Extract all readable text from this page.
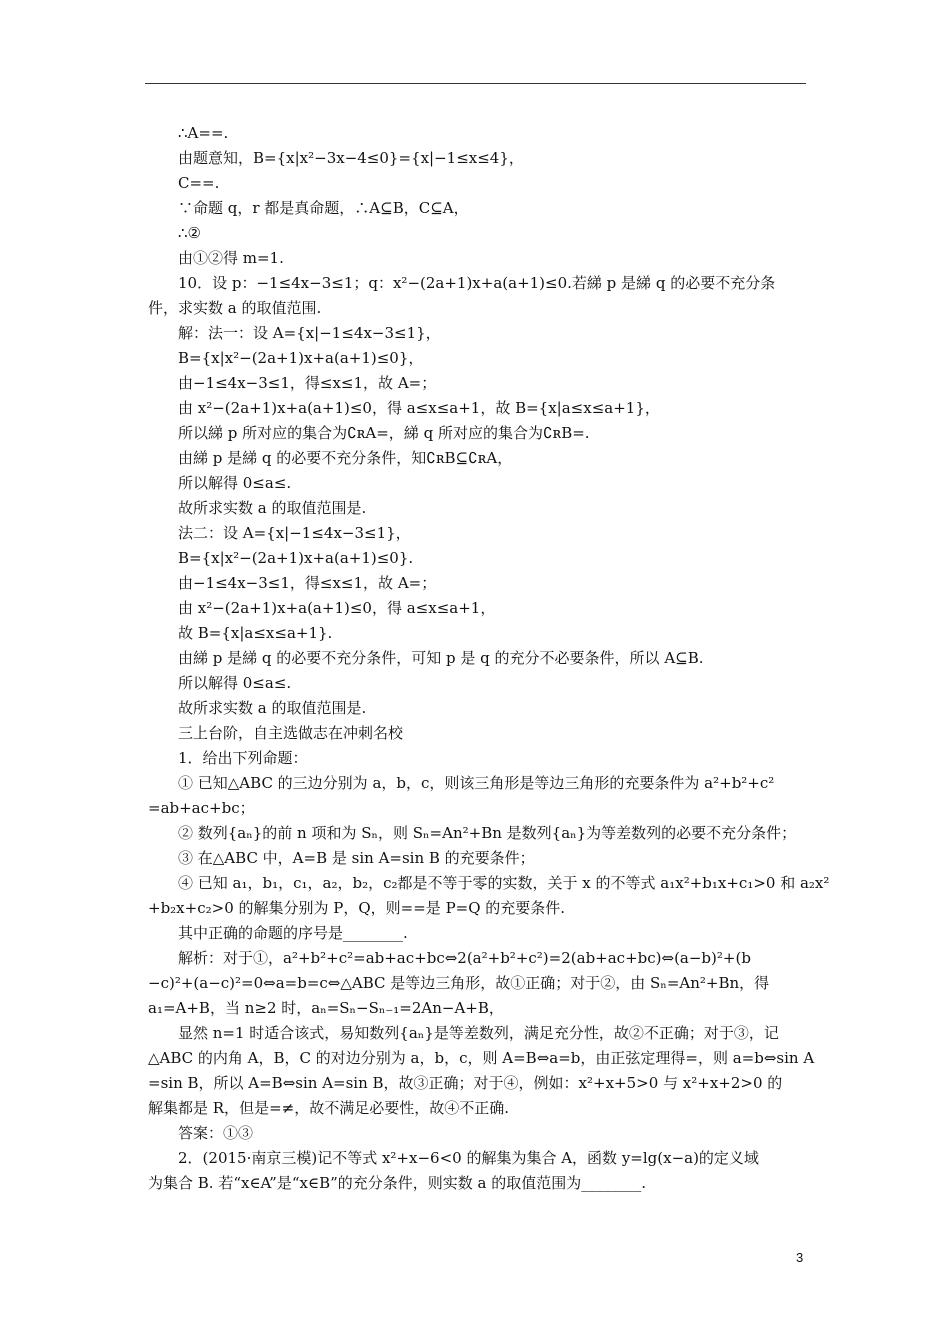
∴A==.
由题意知，B={x|x²−3x−4≤0}={x|−1≤x≤4}，
C==.
∵命题 q，r 都是真命题，∴A⊆B，C⊆A，
∴②
由①②得 m=1.
10．设 p：−1≤4x−3≤1；q：x²−(2a+1)x+a(a+1)≤0.若綈 p 是綈 q 的必要不充分条
件，求实数 a 的取值范围.
解：法一：设 A={x|−1≤4x−3≤1}，
B={x|x²−(2a+1)x+a(a+1)≤0}，
由−1≤4x−3≤1，得≤x≤1，故 A=；
由 x²−(2a+1)x+a(a+1)≤0，得 a≤x≤a+1，故 B={x|a≤x≤a+1}，
所以綈 p 所对应的集合为∁ʀA=，綈 q 所对应的集合为∁ʀB=.
由綈 p 是綈 q 的必要不充分条件，知∁ʀB⊆∁ʀA，
所以解得 0≤a≤.
故所求实数 a 的取值范围是.
法二：设 A={x|−1≤4x−3≤1}，
B={x|x²−(2a+1)x+a(a+1)≤0}.
由−1≤4x−3≤1，得≤x≤1，故 A=；
由 x²−(2a+1)x+a(a+1)≤0，得 a≤x≤a+1，
故 B={x|a≤x≤a+1}.
由綈 p 是綈 q 的必要不充分条件，可知 p 是 q 的充分不必要条件，所以 A⊆B.
所以解得 0≤a≤.
故所求实数 a 的取值范围是.
三上台阶，自主选做志在冲刺名校
1．给出下列命题：
① 已知△ABC 的三边分别为 a，b，c，则该三角形是等边三角形的充要条件为 a²+b²+c²
=ab+ac+bc；
② 数列{aₙ}的前 n 项和为 Sₙ，则 Sₙ=An²+Bn 是数列{aₙ}为等差数列的必要不充分条件；
③ 在△ABC 中，A=B 是 sin A=sin B 的充要条件；
④ 已知 a₁，b₁，c₁，a₂，b₂，c₂都是不等于零的实数，关于 x 的不等式 a₁x²+b₁x+c₁>0 和 a₂x²
+b₂x+c₂>0 的解集分别为 P，Q，则==是 P=Q 的充要条件.
其中正确的命题的序号是________.
解析：对于①，a²+b²+c²=ab+ac+bc⇔2(a²+b²+c²)=2(ab+ac+bc)⇔(a−b)²+(b
−c)²+(a−c)²=0⇔a=b=c⇔△ABC 是等边三角形，故①正确；对于②，由 Sₙ=An²+Bn，得
a₁=A+B，当 n≥2 时，aₙ=Sₙ−Sₙ₋₁=2An−A+B，
显然 n=1 时适合该式，易知数列{aₙ}是等差数列，满足充分性，故②不正确；对于③，记
△ABC 的内角 A，B，C 的对边分别为 a，b，c，则 A=B⇔a=b，由正弦定理得=，则 a=b⇔sin A
=sin B，所以 A=B⇔sin A=sin B，故③正确；对于④，例如：x²+x+5>0 与 x²+x+2>0 的
解集都是 R，但是=≠，故不满足必要性，故④不正确.
答案：①③
2．(2015·南京三模)记不等式 x²+x−6<0 的解集为集合 A，函数 y=lg(x−a)的定义域
为集合 B. 若“x∈A”是“x∈B”的充分条件，则实数 a 的取值范围为________.
3
